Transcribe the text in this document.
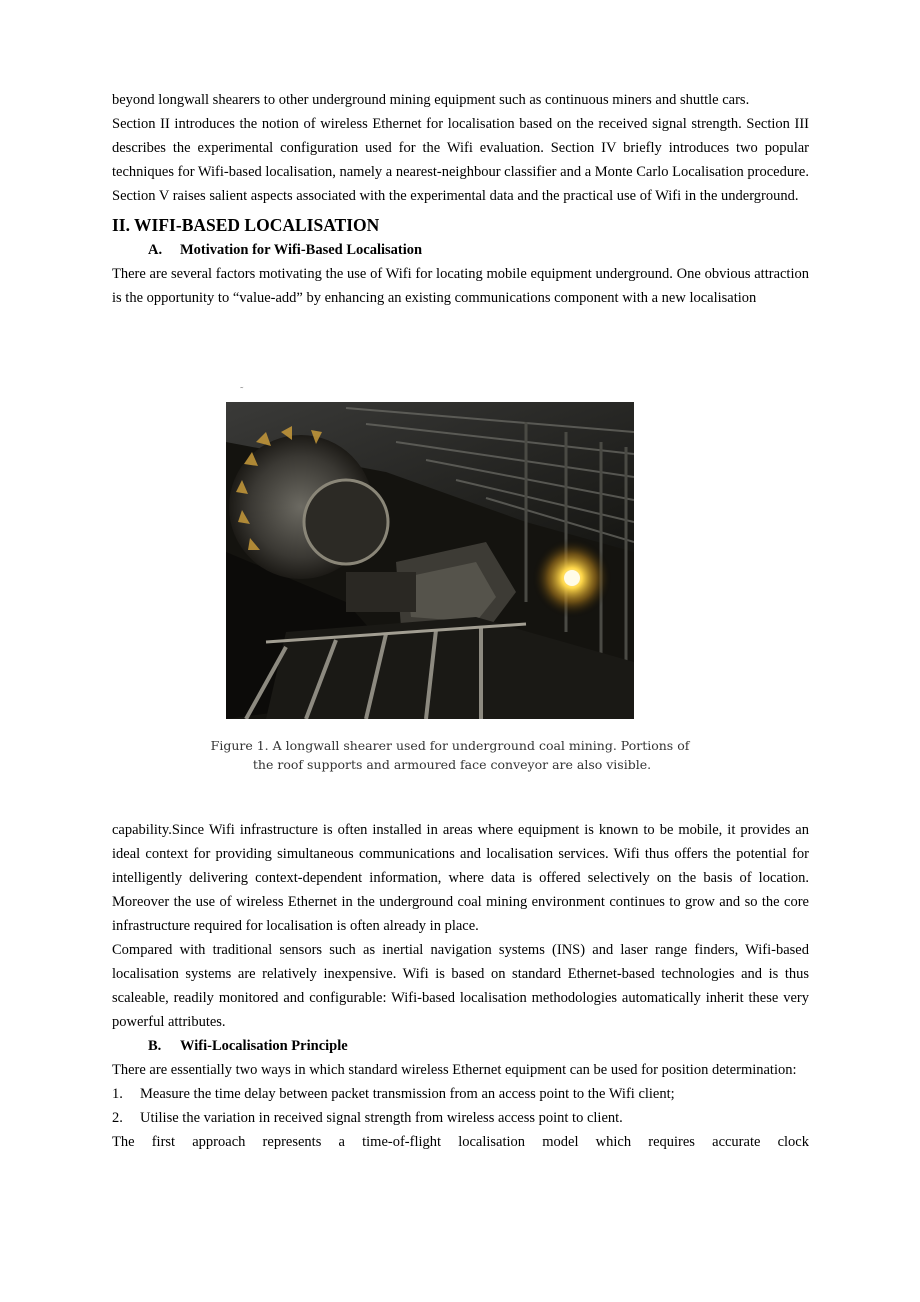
beyond longwall shearers to other underground mining equipment such as continuous miners and shuttle cars.

Section II introduces the notion of wireless Ethernet for localisation based on the received signal strength. Section III describes the experimental configuration used for the Wifi evaluation. Section IV briefly introduces two popular techniques for Wifi-based localisation, namely a nearest-neighbour classifier and a Monte Carlo Localisation procedure. Section V raises salient aspects associated with the experimental data and the practical use of Wifi in the underground.

II. WIFI-BASED LOCALISATION
A. Motivation for Wifi-Based Localisation

There are several factors motivating the use of Wifi for locating mobile equipment underground. One obvious attraction is the opportunity to “value-add” by enhancing an existing communications component with a new localisation

˜
Figure 1. A longwall shearer used for underground coal mining. Portions of
the roof supports and armoured face conveyor are also visible.

capability.Since Wifi infrastructure is often installed in areas where equipment is known to be mobile, it provides an ideal context for providing simultaneous communications and localisation services. Wifi thus offers the potential for intelligently delivering context-dependent information, where data is offered selectively on the basis of location. Moreover the use of wireless Ethernet in the underground coal mining environment continues to grow and so the core infrastructure required for localisation is often already in place.

Compared with traditional sensors such as inertial navigation systems (INS) and laser range finders, Wifi-based localisation systems are relatively inexpensive. Wifi is based on standard Ethernet-based technologies and is thus scaleable, readily monitored and configurable: Wifi-based localisation methodologies automatically inherit these very powerful attributes.

B. Wifi-Localisation Principle

There are essentially two ways in which standard wireless Ethernet equipment can be used for position determination:

1.	Measure the time delay between packet transmission from an access point to the Wifi client;
2.	Utilise the variation in received signal strength from wireless access point to client.

The first approach represents a time-of-flight localisation model which requires accurate clock
